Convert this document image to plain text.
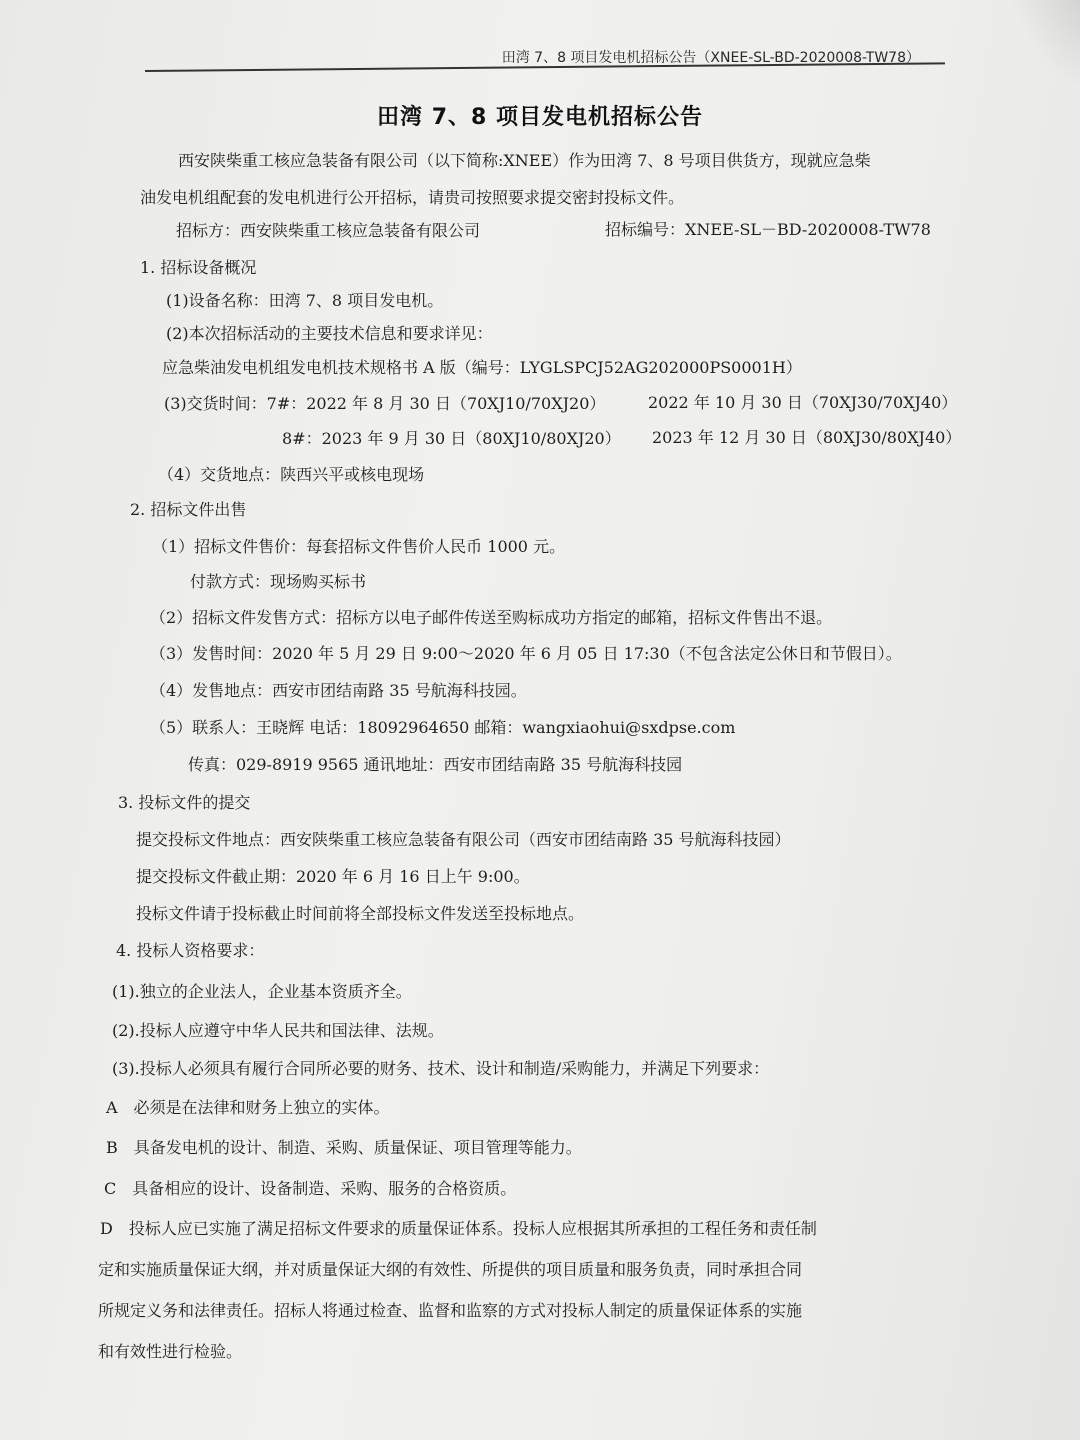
田湾 7、8 项目发电机招标公告（XNEE-SL-BD-2020008-TW78）
田湾 7、8 项目发电机招标公告
西安陕柴重工核应急装备有限公司（以下简称:XNEE）作为田湾 7、8 号项目供货方，现就应急柴
油发电机组配套的发电机进行公开招标，请贵司按照要求提交密封投标文件。
招标方：西安陕柴重工核应急装备有限公司	招标编号：XNEE-SL－BD-2020008-TW78
1. 招标设备概况
(1)设备名称：田湾 7、8 项目发电机。
(2)本次招标活动的主要技术信息和要求详见：
应急柴油发电机组发电机技术规格书 A 版（编号：LYGLSPCJ52AG202000PS0001H）
(3)交货时间：7#：2022 年 8 月 30 日（70XJ10/70XJ20）	2022 年 10 月 30 日（70XJ30/70XJ40）
8#：2023 年 9 月 30 日（80XJ10/80XJ20） 2023 年 12 月 30 日（80XJ30/80XJ40）
（4）交货地点：陕西兴平或核电现场
2. 招标文件出售
（1）招标文件售价：每套招标文件售价人民币 1000 元。
付款方式：现场购买标书
（2）招标文件发售方式：招标方以电子邮件传送至购标成功方指定的邮箱，招标文件售出不退。
（3）发售时间：2020 年 5 月 29 日 9:00～2020 年 6 月 05 日 17:30（不包含法定公休日和节假日）。
（4）发售地点：西安市团结南路 35 号航海科技园。
（5）联系人：王晓辉 电话：18092964650 邮箱：wangxiaohui@sxdpse.com
传真：029-8919 9565 通讯地址：西安市团结南路 35 号航海科技园
3. 投标文件的提交
提交投标文件地点：西安陕柴重工核应急装备有限公司（西安市团结南路 35 号航海科技园）
提交投标文件截止期：2020 年 6 月 16 日上午 9:00。
投标文件请于投标截止时间前将全部投标文件发送至投标地点。
4. 投标人资格要求：
(1).独立的企业法人，企业基本资质齐全。
(2).投标人应遵守中华人民共和国法律、法规。
(3).投标人必须具有履行合同所必要的财务、技术、设计和制造/采购能力，并满足下列要求：
A　必须是在法律和财务上独立的实体。
B　具备发电机的设计、制造、采购、质量保证、项目管理等能力。
C　具备相应的设计、设备制造、采购、服务的合格资质。
D　投标人应已实施了满足招标文件要求的质量保证体系。投标人应根据其所承担的工程任务和责任制
定和实施质量保证大纲，并对质量保证大纲的有效性、所提供的项目质量和服务负责，同时承担合同
所规定义务和法律责任。招标人将通过检查、监督和监察的方式对投标人制定的质量保证体系的实施
和有效性进行检验。
